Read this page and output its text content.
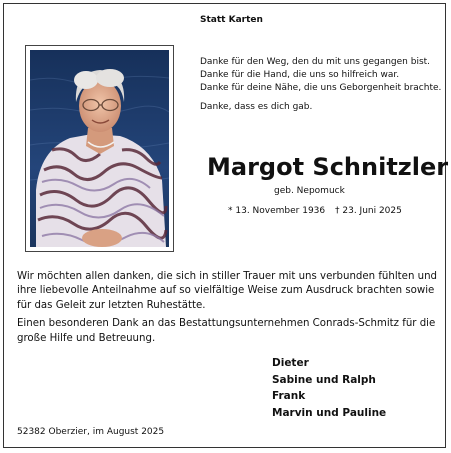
Statt Karten
Danke für den Weg, den du mit uns gegangen bist.
Danke für die Hand, die uns so hilfreich war.
Danke für deine Nähe, die uns Geborgenheit brachte.
Danke, dass es dich gab.
Margot Schnitzler
geb. Nepomuck
* 13. November 1936 † 23. Juni 2025

Wir möchten allen danken, die sich in stiller Trauer mit uns verbunden fühlten und ihre liebevolle Anteilnahme auf so vielfältige Weise zum Ausdruck brachten sowie für das Geleit zur letzten Ruhestätte.

Einen besonderen Dank an das Bestattungsunternehmen Conrads-Schmitz für die große Hilfe und Betreuung.

Dieter
Sabine und Ralph
Frank
Marvin und Pauline
52382 Oberzier, im August 2025
